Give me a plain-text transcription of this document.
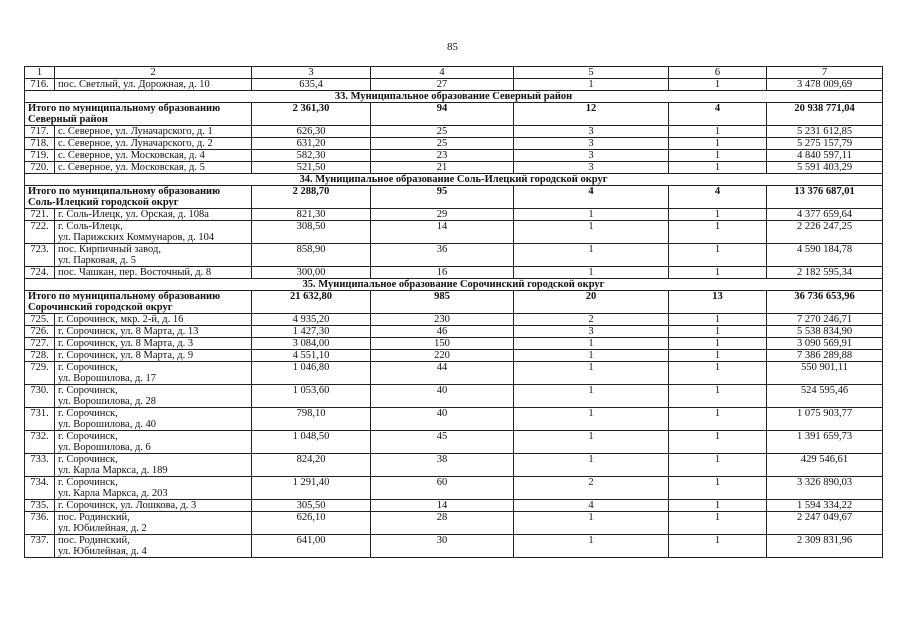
85
1	2	3	4	5	6	7
716.	пос. Светлый, ул. Дорожная, д. 10	635,4	27	1	1	3 478 009,69
33. Муниципальное образование Северный район						
Итого по муниципальному образованию
Северный район		2 361,30	94	12	4	20 938 771,04
717.	с. Северное, ул. Луначарского, д. 1	626,30	25	3	1	5 231 612,85
718.	с. Северное, ул. Луначарского, д. 2	631,20	25	3	1	5 275 157,79
719.	с. Северное, ул. Московская, д. 4	582,30	23	3	1	4 840 597,11
720.	с. Северное, ул. Московская, д. 5	521,50	21	3	1	5 591 403,29
34. Муниципальное образование Соль-Илецкий городской округ						
Итого по муниципальному образованию
Соль-Илецкий городской округ		2 288,70	95	4	4	13 376 687,01
721.	г. Соль-Илецк, ул. Орская, д. 108а	821,30	29	1	1	4 377 659,64
722.	г. Соль-Илецк,
ул. Парижских Коммунаров, д. 104	308,50	14	1	1	2 226 247,25
723.	пос. Кирпичный завод,
ул. Парковая, д. 5	858,90	36	1	1	4 590 184,78
724.	пос. Чашкан, пер. Восточный, д. 8	300,00	16	1	1	2 182 595,34
35. Муниципальное образование Сорочинский городской округ						
Итого по муниципальному образованию
Сорочинский городской округ		21 632,80	985	20	13	36 736 653,96
725.	г. Сорочинск, мкр. 2-й, д. 16	4 935,20	230	2	1	7 270 246,71
726.	г. Сорочинск, ул. 8 Марта, д. 13	1 427,30	46	3	1	5 538 834,90
727.	г. Сорочинск, ул. 8 Марта, д. 3	3 084,00	150	1	1	3 090 569,91
728.	г. Сорочинск, ул. 8 Марта, д. 9	4 551,10	220	1	1	7 386 289,88
729.	г. Сорочинск,
ул. Ворошилова, д. 17	1 046,80	44	1	1	550 901,11
730.	г. Сорочинск,
ул. Ворошилова, д. 28	1 053,60	40	1	1	524 595,46
731.	г. Сорочинск,
ул. Ворошилова, д. 40	798,10	40	1	1	1 075 903,77
732.	г. Сорочинск,
ул. Ворошилова, д. 6	1 048,50	45	1	1	1 391 659,73
733.	г. Сорочинск,
ул. Карла Маркса, д. 189	824,20	38	1	1	429 546,61
734.	г. Сорочинск,
ул. Карла Маркса, д. 203	1 291,40	60	2	1	3 326 890,03
735.	г. Сорочинск, ул. Лошкова, д. 3	305,50	14	4	1	1 594 334,22
736.	пос. Родинский,
ул. Юбилейная, д. 2	626,10	28	1	1	2 247 049,67
737.	пос. Родинский,
ул. Юбилейная, д. 4	641,00	30	1	1	2 309 831,96
